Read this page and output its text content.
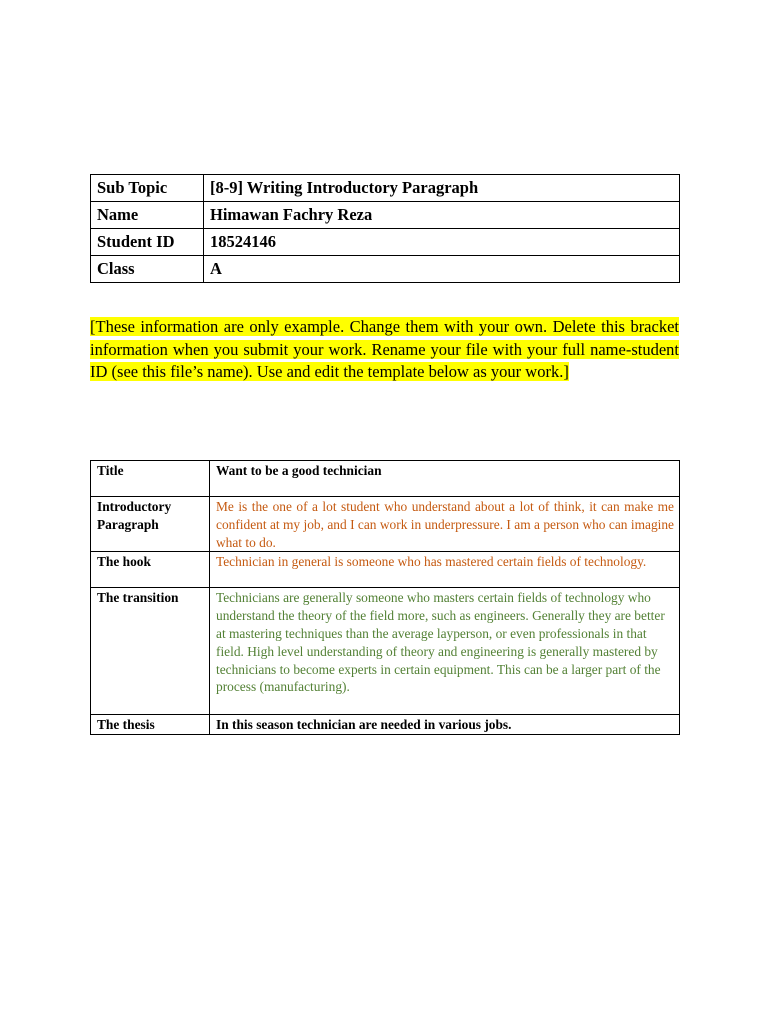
Sub Topic	[8-9] Writing Introductory Paragraph
Name	Himawan Fachry Reza
Student ID	18524146
Class	A
[These information are only example. Change them with your own. Delete this bracket information when you submit your work. Rename your file with your full name-student ID (see this file’s name). Use and edit the template below as your work.]
Title	Want to be a good technician
Introductory Paragraph	Me is the one of a lot student who understand about a lot of think, it can make me confident at my job, and I can work in underpressure. I am a person who can imagine what to do.
The hook	Technician in general is someone who has mastered certain fields of technology.
The transition	Technicians are generally someone who masters certain fields of technology who understand the theory of the field more, such as engineers. Generally they are better at mastering techniques than the average layperson, or even professionals in that field. High level understanding of theory and engineering is generally mastered by technicians to become experts in certain equipment. This can be a larger part of the process (manufacturing).
The thesis	In this season technician are needed in various jobs.
